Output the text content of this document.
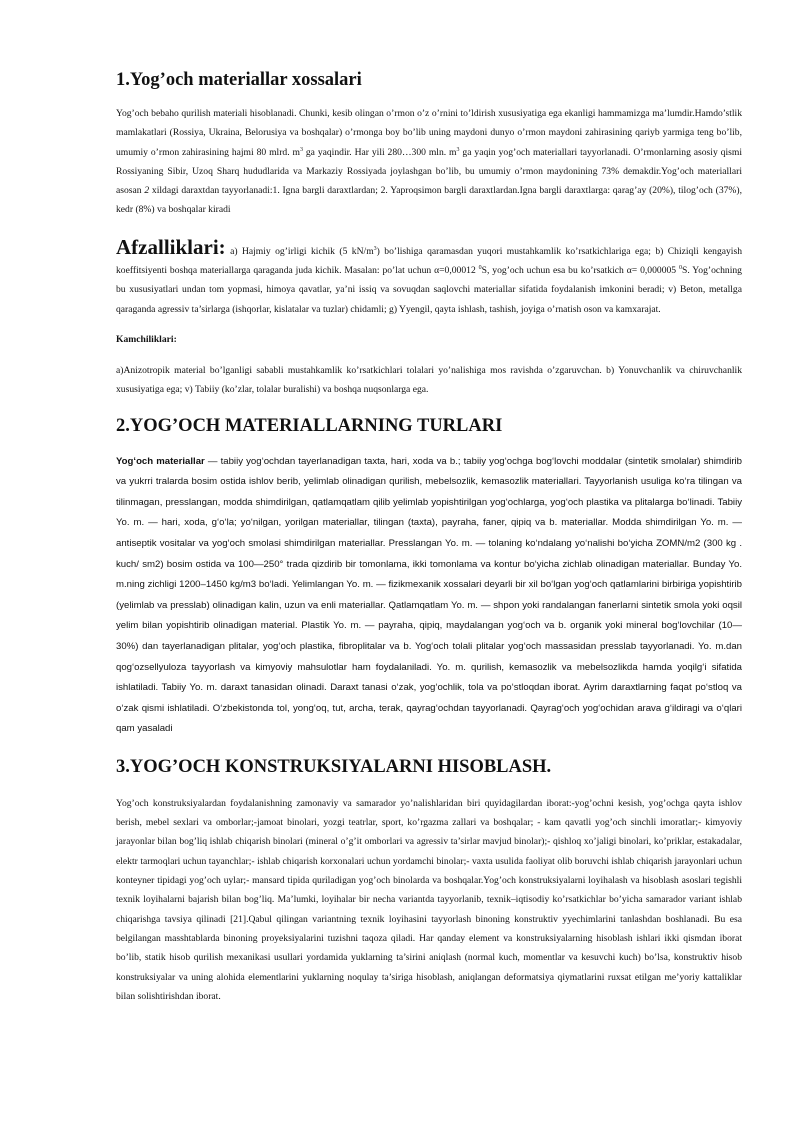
1.Yog’och materiallar xossalari

Yog’och bebaho qurilish materiali hisoblanadi. Chunki, kesib olingan o’rmon o’z o’rnini to’ldirish xususiyatiga ega ekanligi hammamizga ma’lumdir.Hamdo’stlik mamlakatlari (Rossiya, Ukraina, Belorusiya va boshqalar) o’rmonga boy bo’lib uning maydoni dunyo o’rmon maydoni zahirasining qariyb yarmiga teng bo’lib, umumiy o’rmon zahirasining hajmi 80 mlrd. $m^3$ ga yaqindir. Har yili 280…300 mln. $m^3$ ga yaqin yog’och materiallari tayyorlanadi. O’rmonlarning asosiy qismi Rossiyaning Sibir, Uzoq Sharq hududlarida va Markaziy Rossiyada joylashgan bo’lib, bu umumiy o’rmon maydonining 73% demakdir.Yog’och materiallari asosan 2 xildagi daraxtdan tayyorlanadi:1. Igna bargli daraxtlardan; 2. Yaproqsimon bargli daraxtlardan.Igna bargli daraxtlarga: qarag’ay (20%), tilog’och (37%), kedr (8%) va boshqalar kiradi

Afzalliklari: a) Hajmiy og’irligi kichik (5 $kN/m^3$) bo’lishiga qaramasdan yuqori mustahkamlik ko’rsatkichlariga ega; b) Chiziqli kengayish koeffitsiyenti boshqa materiallarga qaraganda juda kichik. Masalan: po’lat uchun α=0,00012 $^0$S, yog’och uchun esa bu ko’rsatkich α= 0,000005 $^0$S. Yog’ochning bu xususiyatlari undan tom yopmasi, himoya qavatlar, ya’ni issiq va sovuqdan saqlovchi materiallar sifatida foydalanish imkonini beradi; v) Beton, metallga qaraganda agressiv ta’sirlarga (ishqorlar, kislatalar va tuzlar) chidamli; g) Yyengil, qayta ishlash, tashish, joyiga o’rnatish oson va kamxarajat.

Kamchiliklari:

a)Anizotropik material bo’lganligi sababli mustahkamlik ko’rsatkichlari tolalari yo’nalishiga mos ravishda o’zgaruvchan. b) Yonuvchanlik va chiruvchanlik xususiyatiga ega; v) Tabiiy (ko’zlar, tolalar buralishi) va boshqa nuqsonlarga ega.

2.YOG’OCH MATERIALLARNING TURLARI

Yogʻoch materiallar — tabiiy yogʻochdan tayerlanadigan taxta, hari, xoda va b.; tabiiy yogʻochga bogʻlovchi moddalar (sintetik smolalar) shimdirib va yukrri tralarda bosim ostida ishlov berib, yelimlab olinadigan qurilish, mebelsozlik, kemasozlik materiallari. Tayyorlanish usuliga koʻra tilingan va tilinmagan, presslangan, modda shimdirilgan, qatlamqatlam qilib yelimlab yopishtirilgan yogʻochlarga, yogʻoch plastika va plitalarga boʻlinadi. Tabiiy Yo. m. — hari, xoda, gʻoʻla; yoʻnilgan, yorilgan materiallar, tilingan (taxta), payraha, faner, qipiq va b. materiallar. Modda shimdirilgan Yo. m. — antiseptik vositalar va yogʻoch smolasi shimdirilgan materiallar. Presslangan Yo. m. — tolaning koʻndalang yoʻnalishi boʻyicha ZOMN/m2 (300 kg . kuch/ sm2) bosim ostida va 100—250° trada qizdirib bir tomonlama, ikki tomonlama va kontur boʻyicha zichlab olinadigan materiallar. Bunday Yo. m.ning zichligi 1200–1450 kg/m3 boʻladi. Yelimlangan Yo. m. — fizikmexanik xossalari deyarli bir xil boʻlgan yogʻoch qatlamlarini birbiriga yopishtirib (yelimlab va presslab) olinadigan kalin, uzun va enli materiallar. Qatlamqatlam Yo. m. — shpon yoki randalangan fanerlarni sintetik smola yoki oqsil yelim bilan yopishtirib olinadigan material. Plastik Yo. m. — payraha, qipiq, maydalangan yogʻoch va b. organik yoki mineral bogʻlovchilar (10—30%) dan tayerlanadigan plitalar, yogʻoch plastika, fibroplitalar va b. Yogʻoch tolali plitalar yogʻoch massasidan presslab tayyorlanadi. Yo. m.dan qogʻozsellyuloza tayyorlash va kimyoviy mahsulotlar ham foydalaniladi. Yo. m. qurilish, kemasozlik va mebelsozlikda hamda yoqilgʻi sifatida ishlatiladi. Tabiiy Yo. m. daraxt tanasidan olinadi. Daraxt tanasi oʻzak, yogʻochlik, tola va poʻstloqdan iborat. Ayrim daraxtlarning faqat poʻstloq va oʻzak qismi ishlatiladi. Oʻzbekistonda tol, yongʻoq, tut, archa, terak, qayragʻochdan tayyorlanadi. Qayragʻoch yogʻochidan arava gʻildiragi va oʻqlari qam yasaladi

3.YOG’OCH KONSTRUKSIYALARNI HISOBLASH.

Yog’och konstruksiyalardan foydalanishning zamonaviy va samarador yo’nalishlaridan biri quyidagilardan iborat:-yog’ochni kesish, yog’ochga qayta ishlov berish, mebel sexlari va omborlar;-jamoat binolari, yozgi teatrlar, sport, ko’rgazma zallari va boshqalar; - kam qavatli yog’och sinchli imoratlar;- kimyoviy jarayonlar bilan bog’liq ishlab chiqarish binolari (mineral o’g’it omborlari va agressiv ta’sirlar mavjud binolar);- qishloq xo’jaligi binolari, ko’priklar, estakadalar, elektr tarmoqlari uchun tayanchlar;- ishlab chiqarish korxonalari uchun yordamchi binolar;- vaxta usulida faoliyat olib boruvchi ishlab chiqarish jarayonlari uchun konteyner tipidagi yog’och uylar;- mansard tipida quriladigan yog’och binolarda va boshqalar.Yog’och konstruksiyalarni loyihalash va hisoblash asoslari tegishli texnik loyihalarni bajarish bilan bog’liq. Ma’lumki, loyihalar bir necha variantda tayyorlanib, texnik–iqtisodiy ko’rsatkichlar bo’yicha samarador variant ishlab chiqarishga tavsiya qilinadi [21].Qabul qilingan variantning texnik loyihasini tayyorlash binoning konstruktiv yyechimlarini tanlashdan boshlanadi. Bu esa belgilangan masshtablarda binoning proyeksiyalarini tuzishni taqoza qiladi. Har qanday element va konstruksiyalarning hisoblash ishlari ikki qismdan iborat bo’lib, statik hisob qurilish mexanikasi usullari yordamida yuklarning ta’sirini aniqlash (normal kuch, momentlar va kesuvchi kuch) bo’lsa, konstruktiv hisob konstruksiyalar va uning alohida elementlarini yuklarning noqulay ta’siriga hisoblash, aniqlangan deformatsiya qiymatlarini ruxsat etilgan me’yoriy kattaliklar bilan solishtirishdan iborat.
